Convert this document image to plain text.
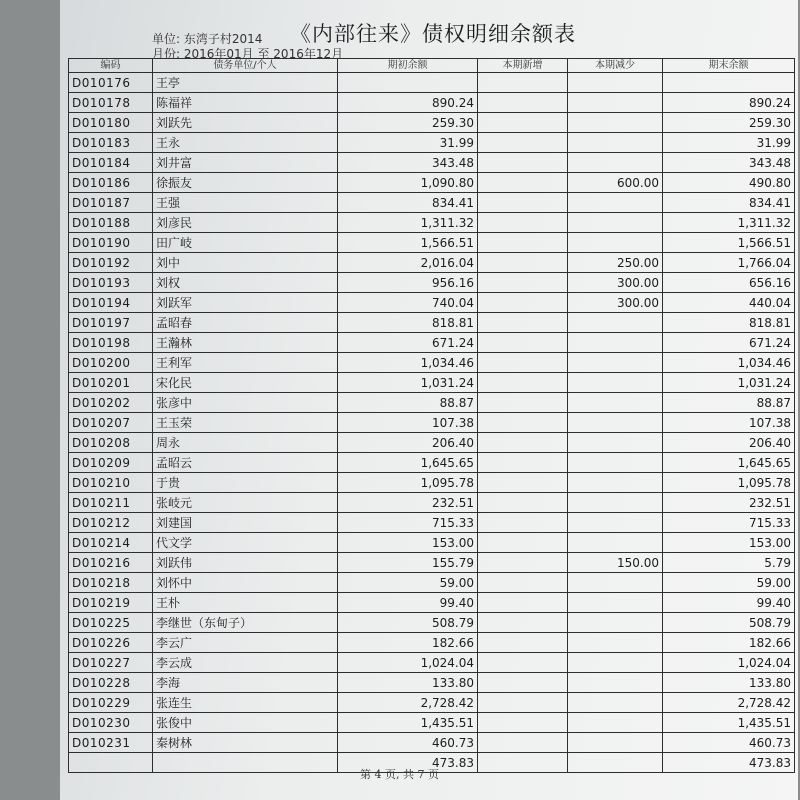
《内部往来》债权明细余额表
单位: 东湾子村2014
月份: 2016年01月 至 2016年12月
编码	债务单位/个人	期初余额	本期新增	本期减少	期末余额
D010176	王亭				
D010178	陈福祥	890.24			890.24
D010180	刘跃先	259.30			259.30
D010183	王永	31.99			31.99
D010184	刘井富	343.48			343.48
D010186	徐振友	1,090.80		600.00	490.80
D010187	王强	834.41			834.41
D010188	刘彦民	1,311.32			1,311.32
D010190	田广岐	1,566.51			1,566.51
D010192	刘中	2,016.04		250.00	1,766.04
D010193	刘权	956.16		300.00	656.16
D010194	刘跃军	740.04		300.00	440.04
D010197	孟昭春	818.81			818.81
D010198	王瀚林	671.24			671.24
D010200	王利军	1,034.46			1,034.46
D010201	宋化民	1,031.24			1,031.24
D010202	张彦中	88.87			88.87
D010207	王玉荣	107.38			107.38
D010208	周永	206.40			206.40
D010209	孟昭云	1,645.65			1,645.65
D010210	于贵	1,095.78			1,095.78
D010211	张岐元	232.51			232.51
D010212	刘建国	715.33			715.33
D010214	代文学	153.00			153.00
D010216	刘跃伟	155.79		150.00	5.79
D010218	刘怀中	59.00			59.00
D010219	王朴	99.40			99.40
D010225	李继世（东甸子）	508.79			508.79
D010226	李云广	182.66			182.66
D010227	李云成	1,024.04			1,024.04
D010228	李海	133.80			133.80
D010229	张连生	2,728.42			2,728.42
D010230	张俊中	1,435.51			1,435.51
D010231	秦树林	460.73			460.73
		473.83			473.83
第 4 页, 共 7 页
